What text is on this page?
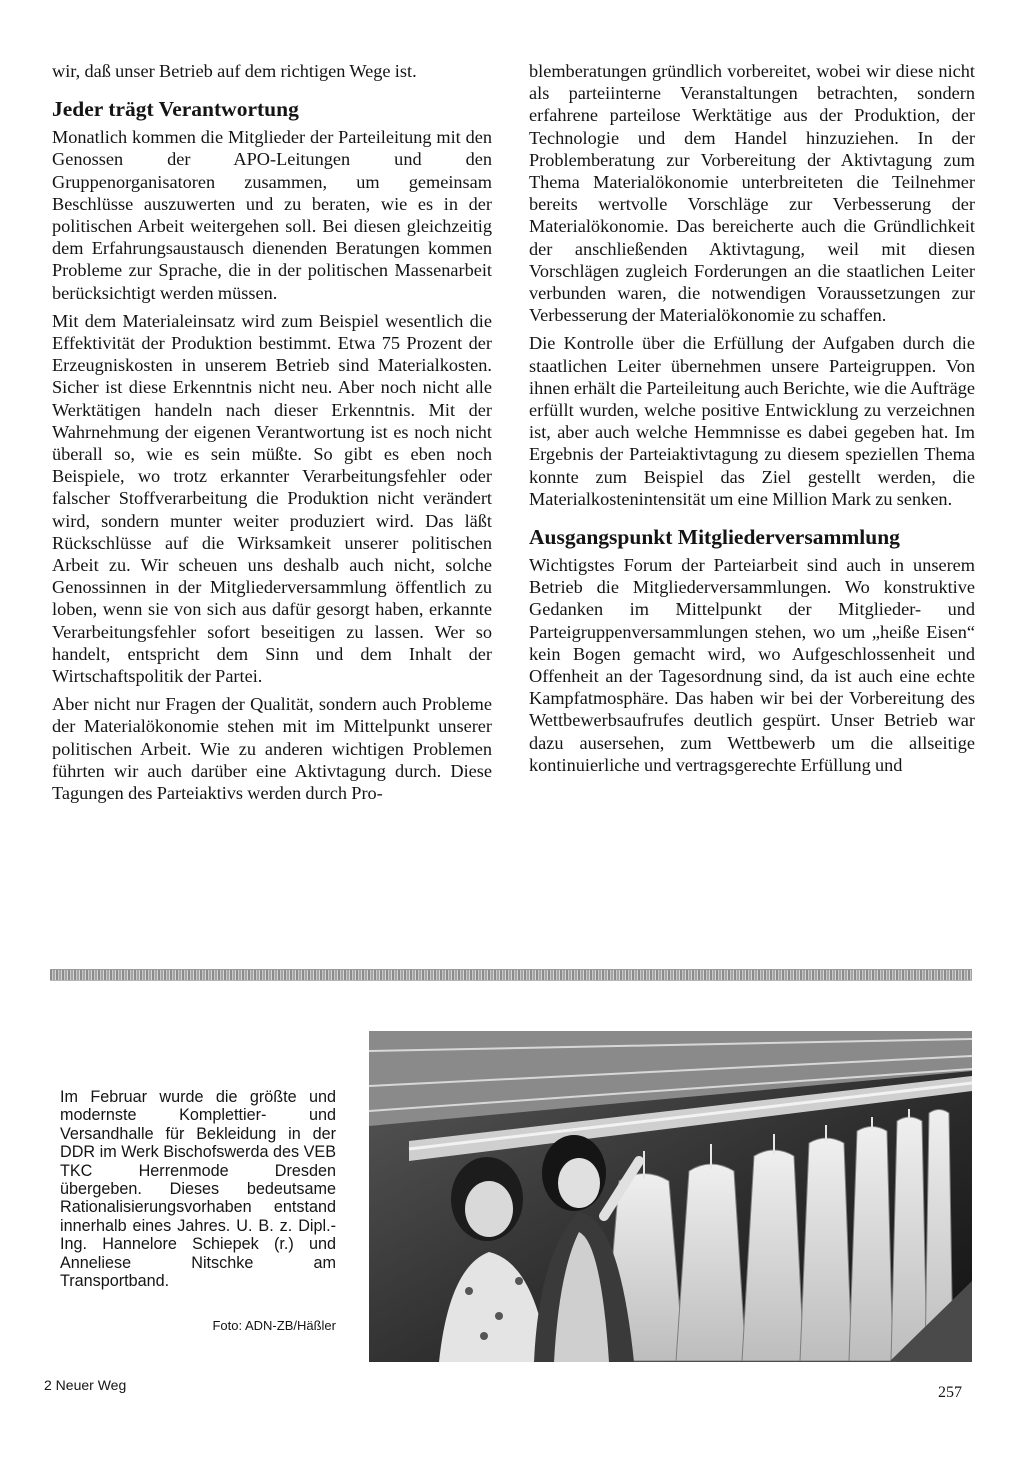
wir, daß unser Betrieb auf dem richtigen Wege ist.

Jeder trägt Verantwortung

Monatlich kommen die Mitglieder der Parteileitung mit den Genossen der APO-Leitungen und den Gruppenorganisatoren zusammen, um gemeinsam Beschlüsse auszuwerten und zu beraten, wie es in der politischen Arbeit weitergehen soll. Bei diesen gleichzeitig dem Erfahrungsaustausch dienenden Beratungen kommen Probleme zur Sprache, die in der politischen Massenarbeit berücksichtigt werden müssen.

Mit dem Materialeinsatz wird zum Beispiel wesentlich die Effektivität der Produktion bestimmt. Etwa 75 Prozent der Erzeugniskosten in unserem Betrieb sind Materialkosten. Sicher ist diese Erkenntnis nicht neu. Aber noch nicht alle Werktätigen handeln nach dieser Erkenntnis. Mit der Wahrnehmung der eigenen Verantwortung ist es noch nicht überall so, wie es sein müßte. So gibt es eben noch Beispiele, wo trotz erkannter Verarbeitungsfehler oder falscher Stoffverarbeitung die Produktion nicht verändert wird, sondern munter weiter produziert wird. Das läßt Rückschlüsse auf die Wirksamkeit unserer politischen Arbeit zu. Wir scheuen uns deshalb auch nicht, solche Genossinnen in der Mitgliederversammlung öffentlich zu loben, wenn sie von sich aus dafür gesorgt haben, erkannte Verarbeitungsfehler sofort beseitigen zu lassen. Wer so handelt, entspricht dem Sinn und dem Inhalt der Wirtschaftspolitik der Partei.

Aber nicht nur Fragen der Qualität, sondern auch Probleme der Materialökonomie stehen mit im Mittelpunkt unserer politischen Arbeit. Wie zu anderen wichtigen Problemen führten wir auch darüber eine Aktivtagung durch. Diese Tagungen des Parteiaktivs werden durch Pro-

blemberatungen gründlich vorbereitet, wobei wir diese nicht als parteiinterne Veranstaltungen betrachten, sondern erfahrene parteilose Werktätige aus der Produktion, der Technologie und dem Handel hinzuziehen. In der Problemberatung zur Vorbereitung der Aktivtagung zum Thema Materialökonomie unterbreiteten die Teilnehmer bereits wertvolle Vorschläge zur Verbesserung der Materialökonomie. Das bereicherte auch die Gründlichkeit der anschließenden Aktivtagung, weil mit diesen Vorschlägen zugleich Forderungen an die staatlichen Leiter verbunden waren, die notwendigen Voraussetzungen zur Verbesserung der Materialökonomie zu schaffen.

Die Kontrolle über die Erfüllung der Aufgaben durch die staatlichen Leiter übernehmen unsere Parteigruppen. Von ihnen erhält die Parteileitung auch Berichte, wie die Aufträge erfüllt wurden, welche positive Entwicklung zu verzeichnen ist, aber auch welche Hemmnisse es dabei gegeben hat. Im Ergebnis der Parteiaktivtagung zu diesem speziellen Thema konnte zum Beispiel das Ziel gestellt werden, die Materialkostenintensität um eine Million Mark zu senken.

Ausgangspunkt Mitgliederversammlung

Wichtigstes Forum der Parteiarbeit sind auch in unserem Betrieb die Mitgliederversammlungen. Wo konstruktive Gedanken im Mittelpunkt der Mitglieder- und Parteigruppenversammlungen stehen, wo um „heiße Eisen“ kein Bogen gemacht wird, wo Aufgeschlossenheit und Offenheit an der Tagesordnung sind, da ist auch eine echte Kampfatmosphäre. Das haben wir bei der Vorbereitung des Wettbewerbsaufrufes deutlich gespürt. Unser Betrieb war dazu ausersehen, zum Wettbewerb um die allseitige kontinuierliche und vertragsgerechte Erfüllung und

Im Februar wurde die größte und modernste Komplettier- und Versandhalle für Bekleidung in der DDR im Werk Bischofswerda des VEB TKC Herrenmode Dresden übergeben. Dieses bedeutsame Rationalisierungsvorhaben entstand innerhalb eines Jahres. U. B. z. Dipl.-Ing. Hannelore Schiepek (r.) und Anneliese Nitschke am Transportband.

Foto: ADN-ZB/Häßler
2 Neuer Weg	257
